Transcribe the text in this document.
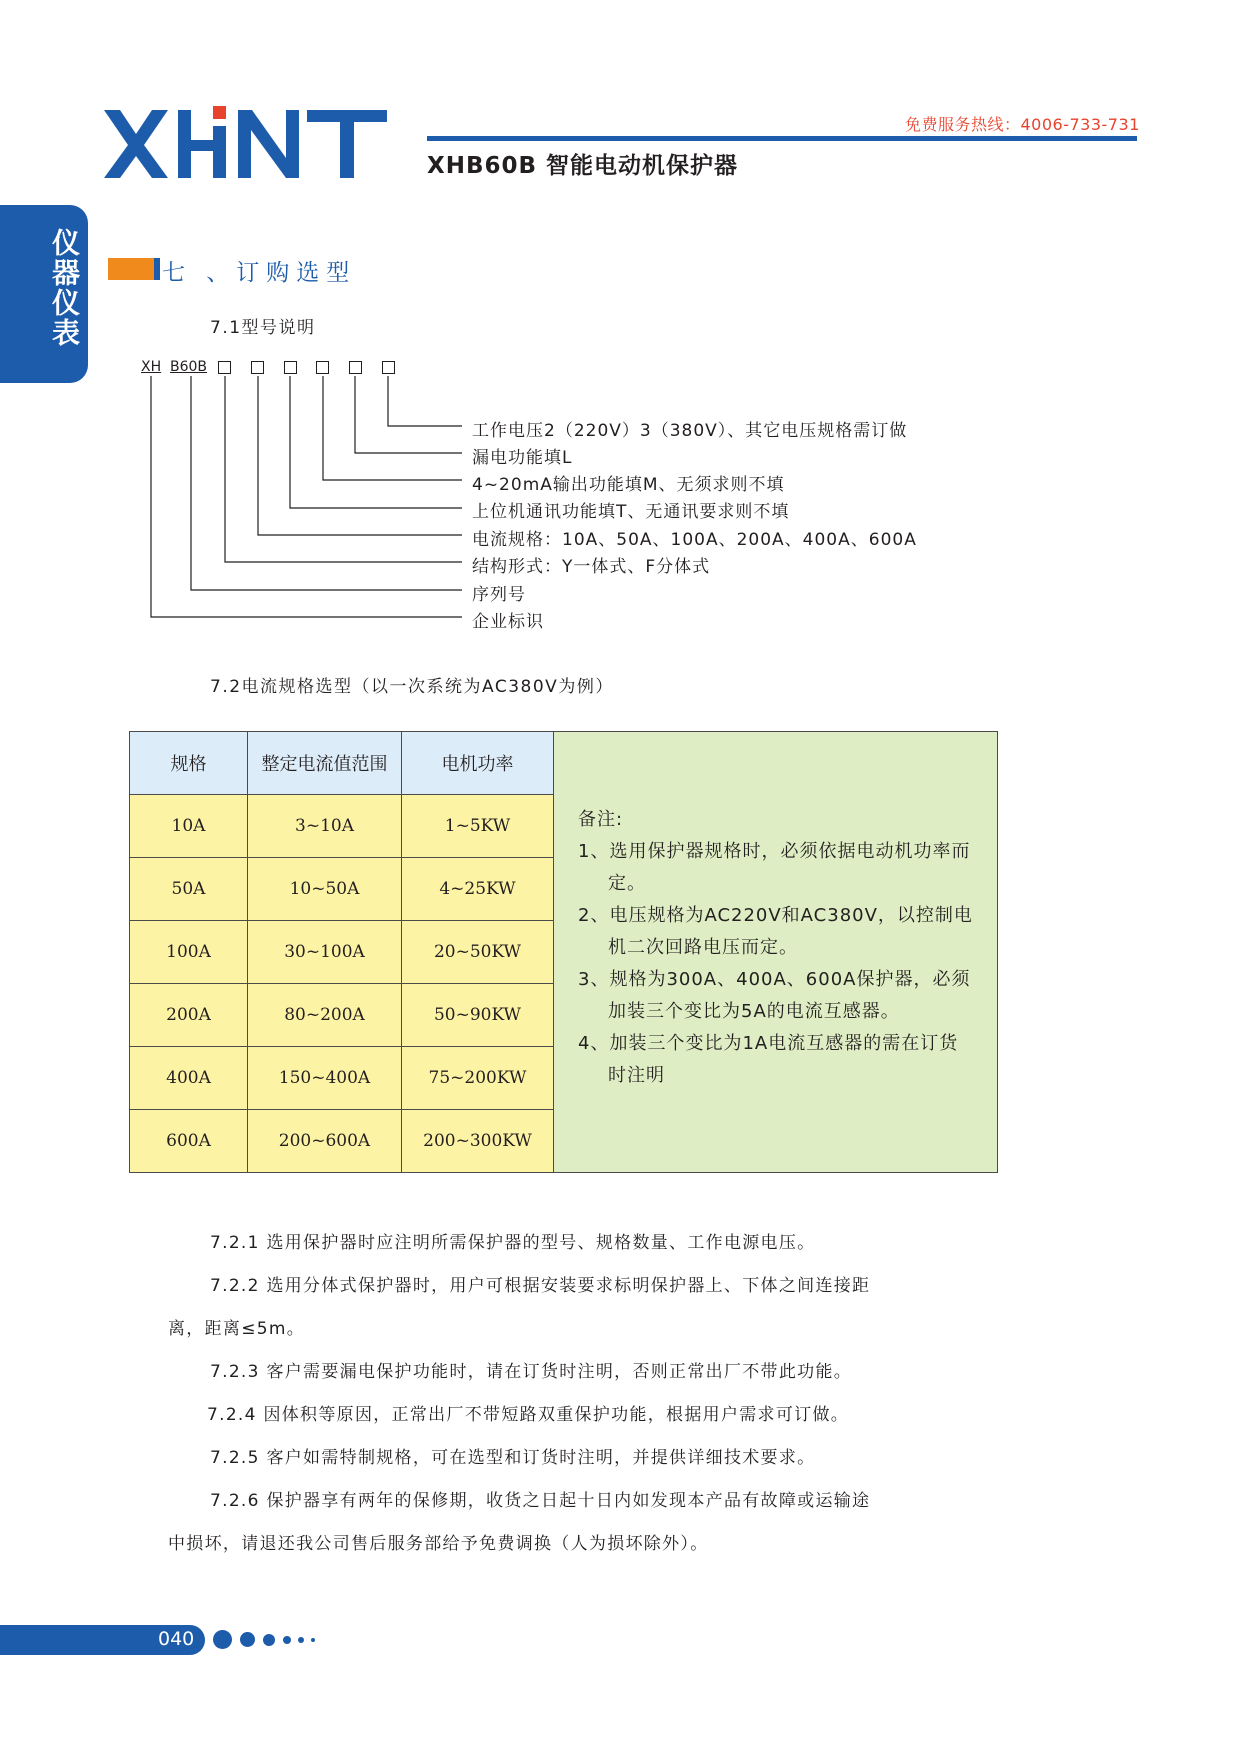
免费服务热线：4006-733-731
XHB60B 智能电动机保护器
仪器仪表	七 、订购选型
7.1型号说明
XH B60B
工作电压2（220V）3（380V）、其它电压规格需订做
漏电功能填L
4~20mA输出功能填M、无须求则不填
上位机通讯功能填T、无通讯要求则不填
电流规格：10A、50A、100A、200A、400A、600A
结构形式：Y一体式、F分体式
序列号
企业标识
7.2电流规格选型（以一次系统为AC380V为例）
规格	整定电流值范围	电机功率	备注:
1、选用保护器规格时，必须依据电动机功率而定。
2、电压规格为AC220V和AC380V，以控制电机二次回路电压而定。
3、规格为300A、400A、600A保护器，必须加装三个变比为5A的电流互感器。
4、加装三个变比为1A电流互感器的需在订货时注明

10A	3~10A	1~5KW	
50A	10~50A	4~25KW	
100A	30~100A	20~50KW	
200A	80~200A	50~90KW	
400A	150~400A	75~200KW	
600A	200~600A	200~300KW	
7.2.1 选用保护器时应注明所需保护器的型号、规格数量、工作电源电压。
7.2.2 选用分体式保护器时，用户可根据安装要求标明保护器上、下体之间连接距
离，距离≤5m。
7.2.3 客户需要漏电保护功能时，请在订货时注明，否则正常出厂不带此功能。
7.2.4 因体积等原因，正常出厂不带短路双重保护功能，根据用户需求可订做。
7.2.5 客户如需特制规格，可在选型和订货时注明，并提供详细技术要求。
7.2.6 保护器享有两年的保修期，收货之日起十日内如发现本产品有故障或运输途
中损坏，请退还我公司售后服务部给予免费调换（人为损坏除外）。
040
